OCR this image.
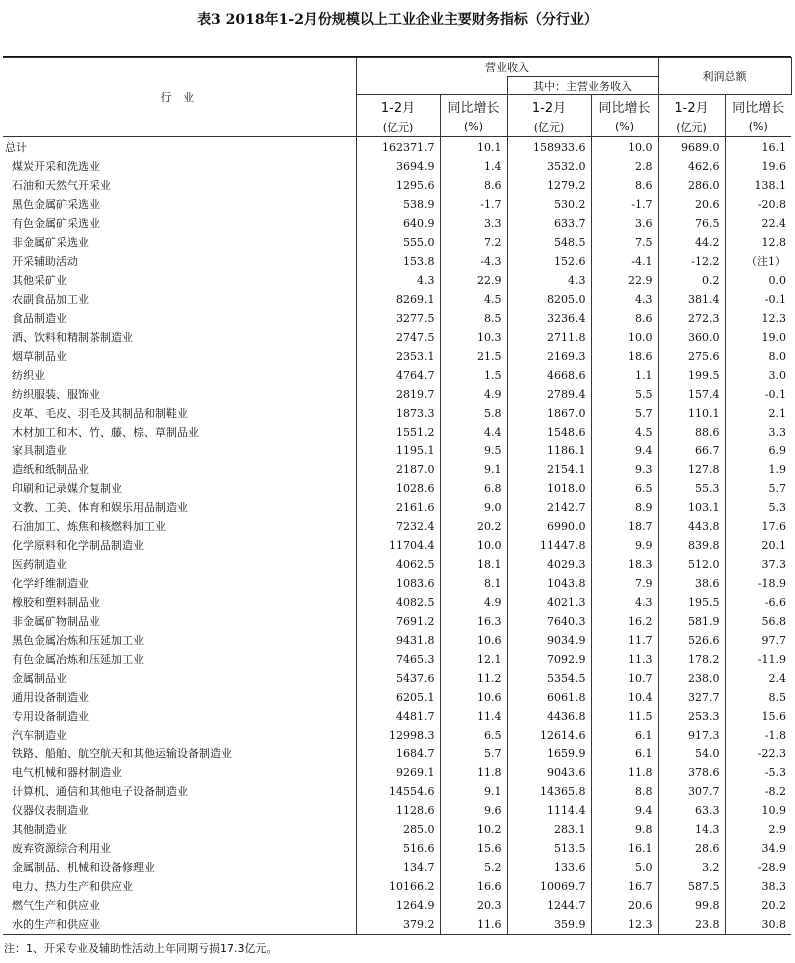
表3 2018年1-2月份规模以上工业企业主要财务指标（分行业）
行 业	营业收入				利润总额	
			其中：主营业务收入			
	1-2月	同比增长	1-2月	同比增长	1-2月	同比增长
	(亿元)	(%)	(亿元)	(%)	(亿元)	(%)
总计	162371.7	10.1	158933.6	10.0	9689.0	16.1
煤炭开采和洗选业	3694.9	1.4	3532.0	2.8	462.6	19.6
石油和天然气开采业	1295.6	8.6	1279.2	8.6	286.0	138.1
黑色金属矿采选业	538.9	-1.7	530.2	-1.7	20.6	-20.8
有色金属矿采选业	640.9	3.3	633.7	3.6	76.5	22.4
非金属矿采选业	555.0	7.2	548.5	7.5	44.2	12.8
开采辅助活动	153.8	-4.3	152.6	-4.1	-12.2	（注1）
其他采矿业	4.3	22.9	4.3	22.9	0.2	0.0
农副食品加工业	8269.1	4.5	8205.0	4.3	381.4	-0.1
食品制造业	3277.5	8.5	3236.4	8.6	272.3	12.3
酒、饮料和精制茶制造业	2747.5	10.3	2711.8	10.0	360.0	19.0
烟草制品业	2353.1	21.5	2169.3	18.6	275.6	8.0
纺织业	4764.7	1.5	4668.6	1.1	199.5	3.0
纺织服装、服饰业	2819.7	4.9	2789.4	5.5	157.4	-0.1
皮革、毛皮、羽毛及其制品和制鞋业	1873.3	5.8	1867.0	5.7	110.1	2.1
木材加工和木、竹、藤、棕、草制品业	1551.2	4.4	1548.6	4.5	88.6	3.3
家具制造业	1195.1	9.5	1186.1	9.4	66.7	6.9
造纸和纸制品业	2187.0	9.1	2154.1	9.3	127.8	1.9
印刷和记录媒介复制业	1028.6	6.8	1018.0	6.5	55.3	5.7
文教、工美、体育和娱乐用品制造业	2161.6	9.0	2142.7	8.9	103.1	5.3
石油加工、炼焦和核燃料加工业	7232.4	20.2	6990.0	18.7	443.8	17.6
化学原料和化学制品制造业	11704.4	10.0	11447.8	9.9	839.8	20.1
医药制造业	4062.5	18.1	4029.3	18.3	512.0	37.3
化学纤维制造业	1083.6	8.1	1043.8	7.9	38.6	-18.9
橡胶和塑料制品业	4082.5	4.9	4021.3	4.3	195.5	-6.6
非金属矿物制品业	7691.2	16.3	7640.3	16.2	581.9	56.8
黑色金属冶炼和压延加工业	9431.8	10.6	9034.9	11.7	526.6	97.7
有色金属冶炼和压延加工业	7465.3	12.1	7092.9	11.3	178.2	-11.9
金属制品业	5437.6	11.2	5354.5	10.7	238.0	2.4
通用设备制造业	6205.1	10.6	6061.8	10.4	327.7	8.5
专用设备制造业	4481.7	11.4	4436.8	11.5	253.3	15.6
汽车制造业	12998.3	6.5	12614.6	6.1	917.3	-1.8
铁路、船舶、航空航天和其他运输设备制造业	1684.7	5.7	1659.9	6.1	54.0	-22.3
电气机械和器材制造业	9269.1	11.8	9043.6	11.8	378.6	-5.3
计算机、通信和其他电子设备制造业	14554.6	9.1	14365.8	8.8	307.7	-8.2
仪器仪表制造业	1128.6	9.6	1114.4	9.4	63.3	10.9
其他制造业	285.0	10.2	283.1	9.8	14.3	2.9
废弃资源综合利用业	516.6	15.6	513.5	16.1	28.6	34.9
金属制品、机械和设备修理业	134.7	5.2	133.6	5.0	3.2	-28.9
电力、热力生产和供应业	10166.2	16.6	10069.7	16.7	587.5	38.3
燃气生产和供应业	1264.9	20.3	1244.7	20.6	99.8	20.2
水的生产和供应业	379.2	11.6	359.9	12.3	23.8	30.8
注：1、开采专业及辅助性活动上年同期亏损17.3亿元。
